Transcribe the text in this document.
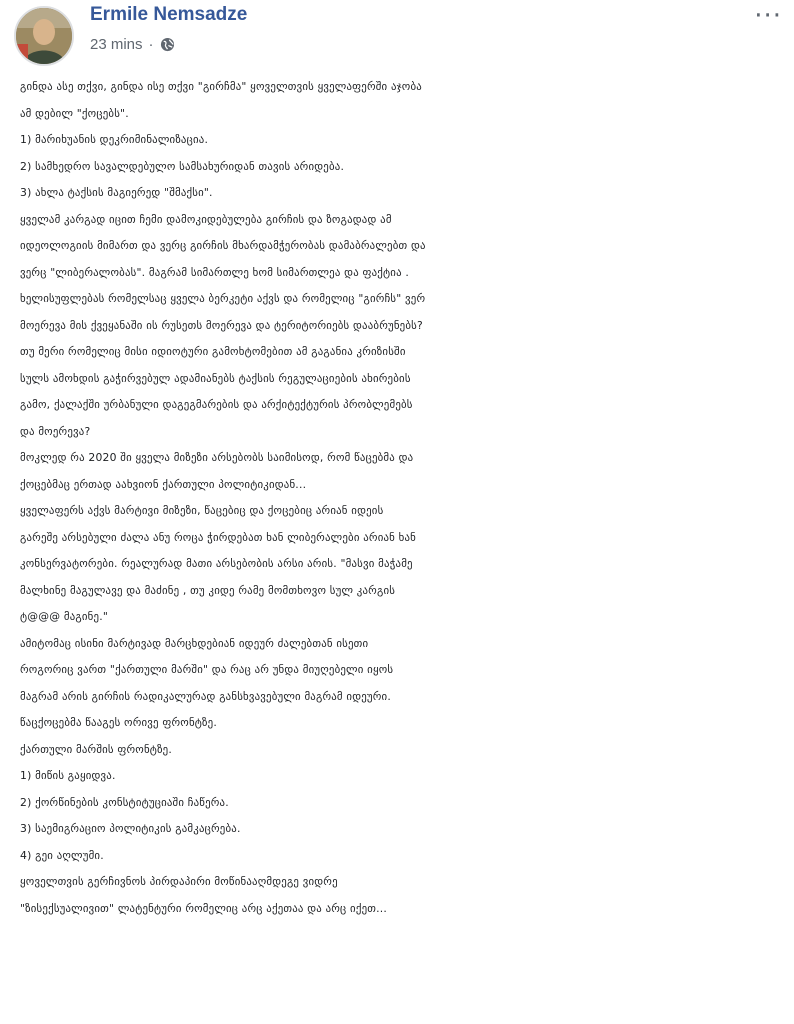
Ermile Nemsadze
23 mins ·
···
გინდა ასე თქვი, გინდა ისე თქვი "გირჩმა" ყოველთვის ყველაფერში აჯობა
ამ დებილ "ქოცებს".
1) მარიხუანის დეკრიმინალიზაცია.
2) სამხედრო სავალდებულო სამსახურიდან თავის არიდება.
3) ახლა ტაქსის მაგიერედ "შმაქსი".
ყველამ კარგად იცით ჩემი დამოკიდებულება გირჩის და ზოგადად ამ
იდეოლოგიის მიმართ და ვერც გირჩის მხარდამჭერობას დამაბრალებთ და
ვერც "ლიბერალობას". მაგრამ სიმართლე ხომ სიმართლეა და ფაქტია .
ხელისუფლებას რომელსაც ყველა ბერკეტი აქვს და რომელიც "გირჩს" ვერ
მოერევა მის ქვეყანაში ის რუსეთს მოერევა და ტერიტორიებს დააბრუნებს?
თუ მერი რომელიც მისი იდიოტური გამოხტომებით ამ გაგანია კრიზისში
სულს ამოხდის გაჭირვებულ ადამიანებს ტაქსის რეგულაციების ახირების
გამო, ქალაქში ურბანული დაგეგმარების და არქიტექტურის პრობლემებს
და მოერევა?
მოკლედ რა 2020 ში ყველა მიზეზი არსებობს საიმისოდ, რომ წაცებმა და
ქოცებმაც ერთად აახვიონ ქართული პოლიტიკიდან...
ყველაფერს აქვს მარტივი მიზეზი, წაცებიც და ქოცებიც არიან იდეის
გარეშე არსებული ძალა ანუ როცა ჭირდებათ ხან ლიბერალები არიან ხან
კონსერვატორები. რეალურად მათი არსებობის არსი არის. "მასვი მაჭამე
მალხინე მაგულავე და მაძინე , თუ კიდე რამე მომთხოვო სულ კარგის
ტ@@@ მაგინე."
ამიტომაც ისინი მარტივად მარცხდებიან იდეურ ძალებთან ისეთი
როგორიც ვართ "ქართული მარში" და რაც არ უნდა მიუღებელი იყოს
მაგრამ არის გირჩის რადიკალურად განსხვავებული მაგრამ იდეური.
წაცქოცებმა წააგეს ორივე ფრონტზე.
ქართული მარშის ფრონტზე.
1) მიწის გაყიდვა.
2) ქორწინების კონსტიტუციაში ჩაწერა.
3) საემიგრაციო პოლიტიკის გამკაცრება.
4) გეი აღლუმი.
ყოველთვის გერჩივნოს პირდაპირი მოწინააღმდეგე ვიდრე
"ზისექსუალივით" ლატენტური რომელიც არც აქეთაა და არც იქეთ...
